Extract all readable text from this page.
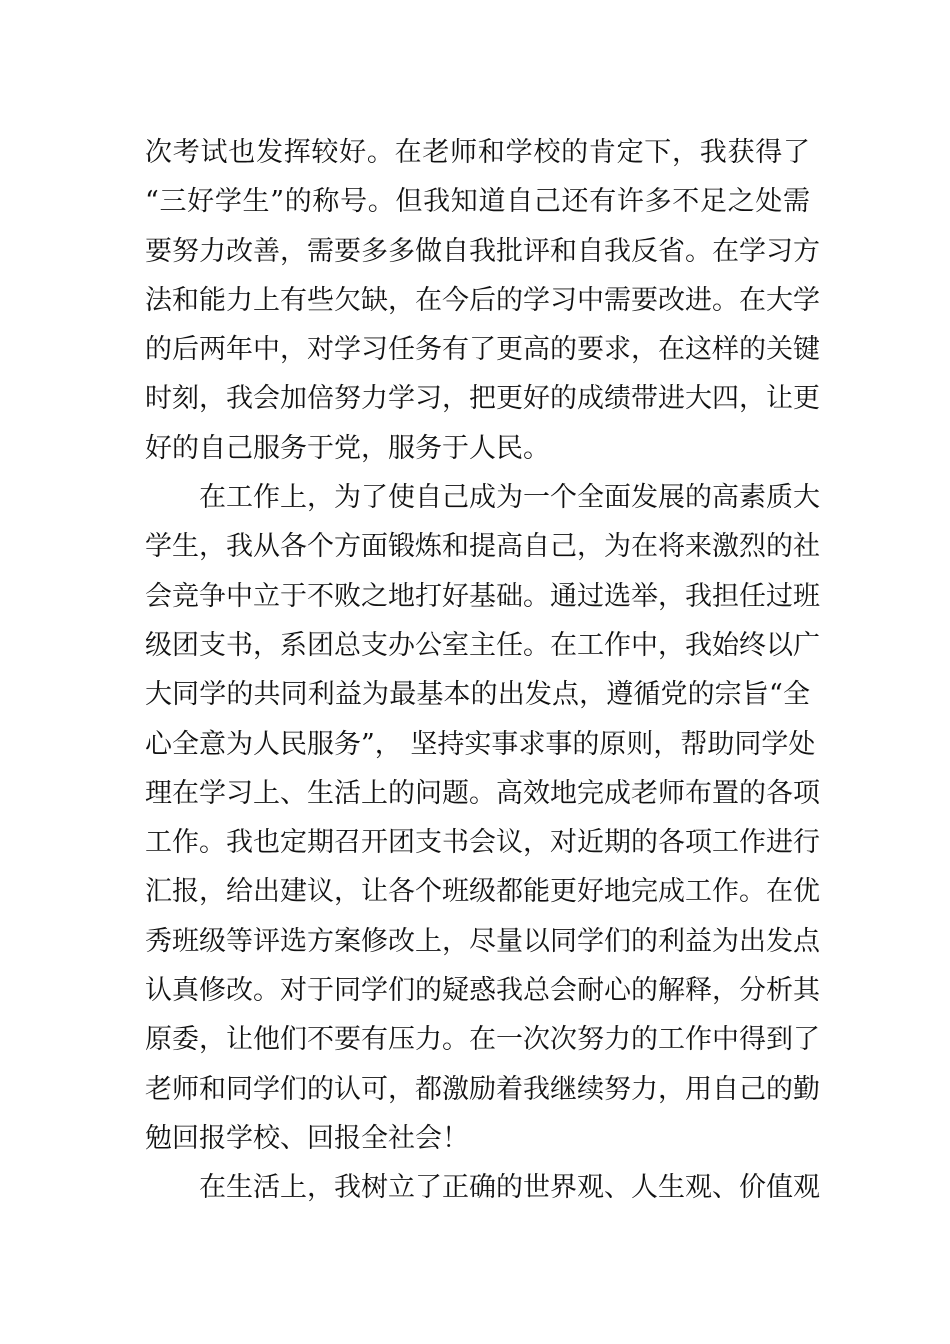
次考试也发挥较好。在老师和学校的肯定下，我获得了
“三好学生”的称号。但我知道自己还有许多不足之处需
要努力改善，需要多多做自我批评和自我反省。在学习方
法和能力上有些欠缺，在今后的学习中需要改进。在大学
的后两年中，对学习任务有了更高的要求，在这样的关键
时刻，我会加倍努力学习，把更好的成绩带进大四，让更
好的自己服务于党，服务于人民。
在工作上，为了使自己成为一个全面发展的高素质大
学生，我从各个方面锻炼和提高自己，为在将来激烈的社
会竞争中立于不败之地打好基础。通过选举，我担任过班
级团支书，系团总支办公室主任。在工作中，我始终以广
大同学的共同利益为最基本的出发点，遵循党的宗旨“全
心全意为人民服务”， 坚持实事求事的原则，帮助同学处
理在学习上、生活上的问题。高效地完成老师布置的各项
工作。我也定期召开团支书会议，对近期的各项工作进行
汇报，给出建议，让各个班级都能更好地完成工作。在优
秀班级等评选方案修改上，尽量以同学们的利益为出发点
认真修改。对于同学们的疑惑我总会耐心的解释，分析其
原委，让他们不要有压力。在一次次努力的工作中得到了
老师和同学们的认可，都激励着我继续努力，用自己的勤
勉回报学校、回报全社会！
在生活上，我树立了正确的世界观、人生观、价值观
